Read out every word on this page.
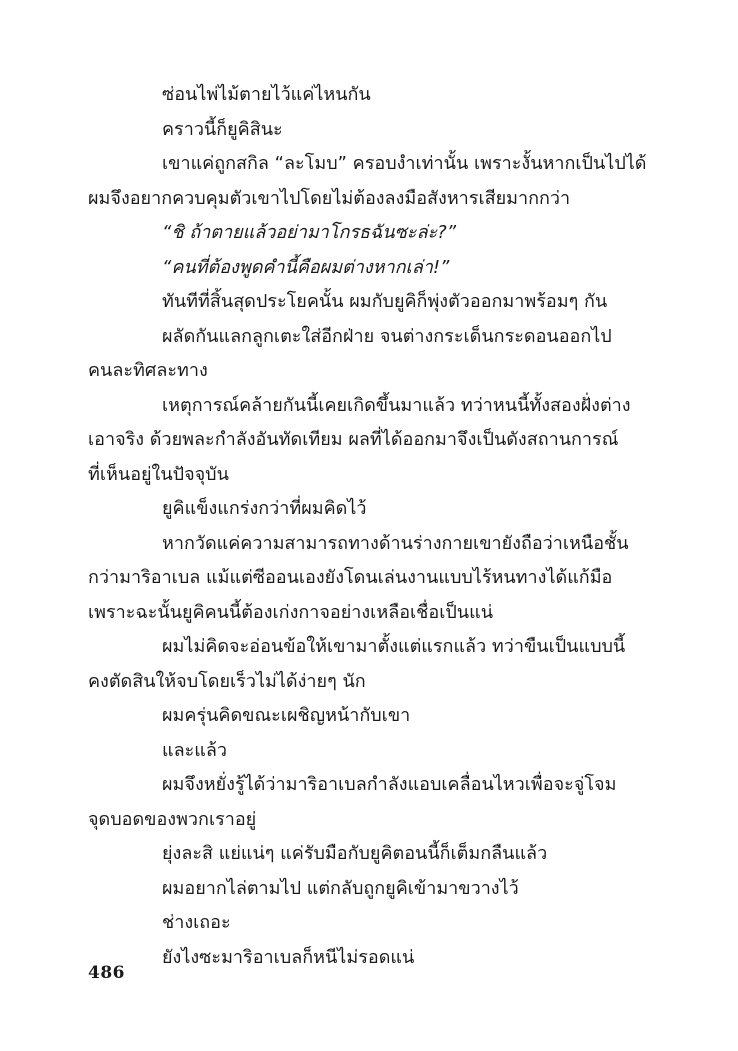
ซ่อนไพ่ไม้ตายไว้แค่ไหนกัน
คราวนี้ก็ยูคิสินะ
เขาแค่ถูกสกิล “ละโมบ” ครอบงำเท่านั้น เพราะงั้นหากเป็นไปได้
ผมจึงอยากควบคุมตัวเขาไปโดยไม่ต้องลงมือสังหารเสียมากกว่า
“ชิ ถ้าตายแล้วอย่ามาโกรธฉันซะล่ะ?”
“คนที่ต้องพูดคำนี้คือผมต่างหากเล่า!”
ทันทีที่สิ้นสุดประโยคนั้น ผมกับยูคิก็พุ่งตัวออกมาพร้อมๆ กัน
ผลัดกันแลกลูกเตะใส่อีกฝ่าย จนต่างกระเด็นกระดอนออกไป
คนละทิศละทาง
เหตุการณ์คล้ายกันนี้เคยเกิดขึ้นมาแล้ว ทว่าหนนี้ทั้งสองฝั่งต่าง
เอาจริง ด้วยพละกำลังอันทัดเทียม ผลที่ได้ออกมาจึงเป็นดังสถานการณ์
ที่เห็นอยู่ในปัจจุบัน
ยูคิแข็งแกร่งกว่าที่ผมคิดไว้
หากวัดแค่ความสามารถทางด้านร่างกายเขายังถือว่าเหนือชั้น
กว่ามาริอาเบล แม้แต่ซีออนเองยังโดนเล่นงานแบบไร้หนทางได้แก้มือ
เพราะฉะนั้นยูคิคนนี้ต้องเก่งกาจอย่างเหลือเชื่อเป็นแน่
ผมไม่คิดจะอ่อนข้อให้เขามาตั้งแต่แรกแล้ว ทว่าขืนเป็นแบบนี้
คงตัดสินให้จบโดยเร็วไม่ได้ง่ายๆ นัก
ผมครุ่นคิดขณะเผชิญหน้ากับเขา
และแล้ว
ผมจึงหยั่งรู้ได้ว่ามาริอาเบลกำลังแอบเคลื่อนไหวเพื่อจะจู่โจม
จุดบอดของพวกเราอยู่
ยุ่งละสิ แย่แน่ๆ แค่รับมือกับยูคิตอนนี้ก็เต็มกลืนแล้ว
ผมอยากไล่ตามไป แต่กลับถูกยูคิเข้ามาขวางไว้
ช่างเถอะ
ยังไงซะมาริอาเบลก็หนีไม่รอดแน่
486
